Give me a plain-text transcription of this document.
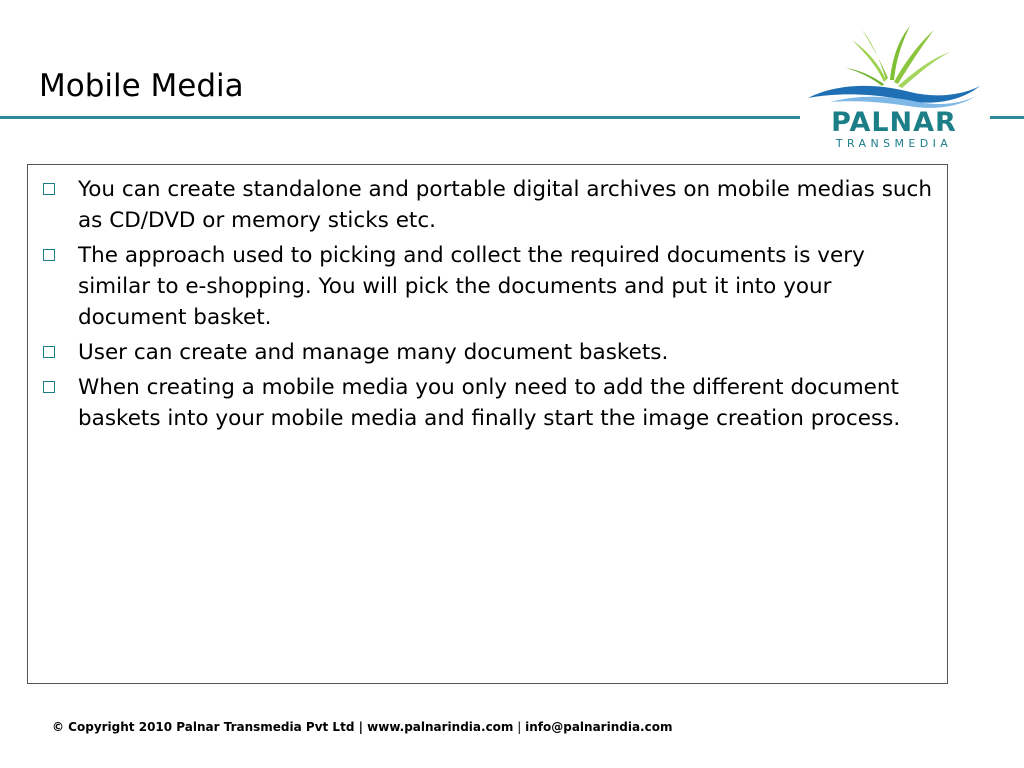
Mobile Media
PALNAR
TRANSMEDIA
You can create standalone and portable digital archives on mobile medias such as CD/DVD or memory sticks etc.
The approach used to picking and collect the required documents is very similar to e-shopping. You will pick the documents and put it into your document basket.
User can create and manage many document baskets.
When creating a mobile media you only need to add the different document baskets into your mobile media and finally start the image creation process.
© Copyright 2010 Palnar Transmedia Pvt Ltd | www.palnarindia.com | info@palnarindia.com
